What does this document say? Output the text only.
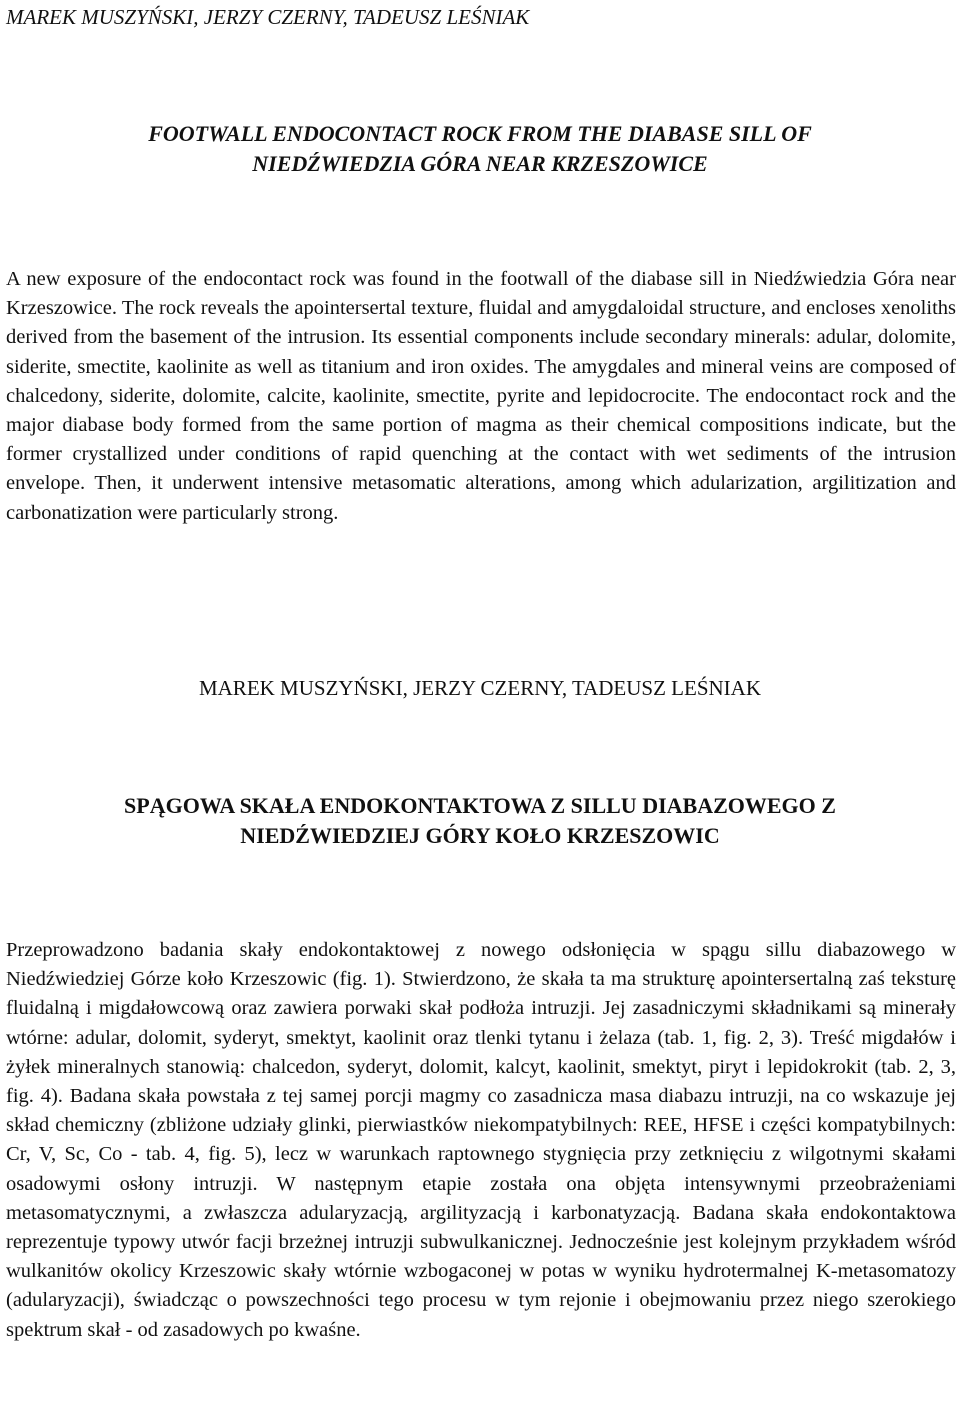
MAREK MUSZYŃSKI, JERZY CZERNY, TADEUSZ LEŚNIAK
FOOTWALL ENDOCONTACT ROCK FROM THE DIABASE SILL OF
NIEDŹWIEDZIA GÓRA NEAR KRZESZOWICE

A new exposure of the endocontact rock was found in the footwall of the diabase sill in Niedźwiedzia Góra near Krzeszowice. The rock reveals the apointersertal texture, fluidal and amygdaloidal structure, and encloses xenoliths derived from the basement of the intrusion. Its essential components include secondary minerals: adular, dolomite, siderite, smectite, kaolinite as well as titanium and iron oxides. The amygdales and mineral veins are composed of chalcedony, siderite, dolomite, calcite, kaolinite, smectite, pyrite and lepidocrocite. The endocontact rock and the major diabase body formed from the same portion of magma as their chemical compositions indicate, but the former crystallized under conditions of rapid quenching at the contact with wet sediments of the intrusion envelope. Then, it underwent intensive metasomatic alterations, among which adularization, argilitization and carbonatization were particularly strong.

MAREK MUSZYŃSKI, JERZY CZERNY, TADEUSZ LEŚNIAK
SPĄGOWA SKAŁA ENDOKONTAKTOWA Z SILLU DIABAZOWEGO Z
NIEDŹWIEDZIEJ GÓRY KOŁO KRZESZOWIC

Przeprowadzono badania skały endokontaktowej z nowego odsłonięcia w spągu sillu diabazowego w Niedźwiedziej Górze koło Krzeszowic (fig. 1). Stwierdzono, że skała ta ma strukturę apointersertalną zaś teksturę fluidalną i migdałowcową oraz zawiera porwaki skał podłoża intruzji. Jej zasadniczymi składnikami są minerały wtórne: adular, dolomit, syderyt, smektyt, kaolinit oraz tlenki tytanu i żelaza (tab. 1, fig. 2, 3). Treść migdałów i żyłek mineralnych stanowią: chalcedon, syderyt, dolomit, kalcyt, kaolinit, smektyt, piryt i lepidokrokit (tab. 2, 3, fig. 4). Badana skała powstała z tej samej porcji magmy co zasadnicza masa diabazu intruzji, na co wskazuje jej skład chemiczny (zbliżone udziały glinki, pierwiastków niekompatybilnych: REE, HFSE i części kompatybilnych: Cr, V, Sc, Co - tab. 4, fig. 5), lecz w warunkach raptownego stygnięcia przy zetknięciu z wilgotnymi skałami osadowymi osłony intruzji. W następnym etapie została ona objęta intensywnymi przeobrażeniami metasomatycznymi, a zwłaszcza adularyzacją, argilityzacją i karbonatyzacją. Badana skała endokontaktowa reprezentuje typowy utwór facji brzeżnej intruzji subwulkanicznej. Jednocześnie jest kolejnym przykładem wśród wulkanitów okolicy Krzeszowic skały wtórnie wzbogaconej w potas w wyniku hydrotermalnej K-metasomatozy (adularyzacji), świadcząc o powszechności tego procesu w tym rejonie i obejmowaniu przez niego szerokiego spektrum skał - od zasadowych po kwaśne.
